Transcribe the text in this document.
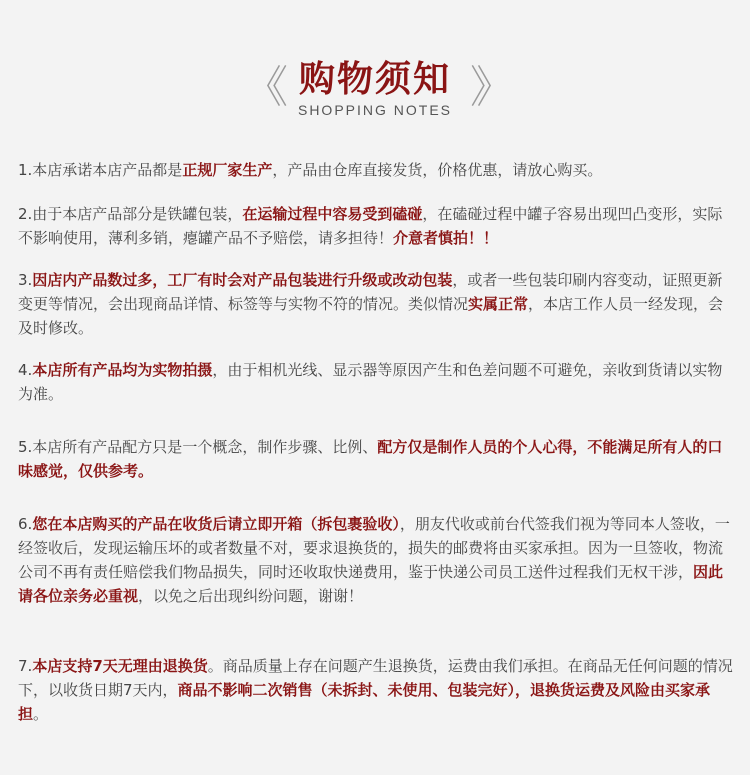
《 购物须知 》
SHOPPING NOTES

1.本店承诺本店产品都是正规厂家生产，产品由仓库直接发货，价格优惠，请放心购买。

2.由于本店产品部分是铁罐包装，在运输过程中容易受到磕碰，在磕碰过程中罐子容易出现凹凸变形，实际不影响使用，薄利多销，瘪罐产品不予赔偿，请多担待！介意者慎拍！！

3.因店内产品数过多，工厂有时会对产品包装进行升级或改动包装，或者一些包装印刷内容变动，证照更新变更等情况，会出现商品详情、标签等与实物不符的情况。类似情况实属正常，本店工作人员一经发现，会及时修改。

4.本店所有产品均为实物拍摄，由于相机光线、显示器等原因产生和色差问题不可避免，亲收到货请以实物为准。

5.本店所有产品配方只是一个概念，制作步骤、比例、配方仅是制作人员的个人心得，不能满足所有人的口味感觉，仅供参考。

6.您在本店购买的产品在收货后请立即开箱（拆包裹验收），朋友代收或前台代签我们视为等同本人签收，一经签收后，发现运输压坏的或者数量不对，要求退换货的，损失的邮费将由买家承担。因为一旦签收，物流公司不再有责任赔偿我们物品损失，同时还收取快递费用，鉴于快递公司员工送件过程我们无权干涉，因此请各位亲务必重视，以免之后出现纠纷问题，谢谢！

7.本店支持7天无理由退换货。商品质量上存在问题产生退换货，运费由我们承担。在商品无任何问题的情况下，以收货日期7天内，商品不影响二次销售（未拆封、未使用、包装完好），退换货运费及风险由买家承担。
